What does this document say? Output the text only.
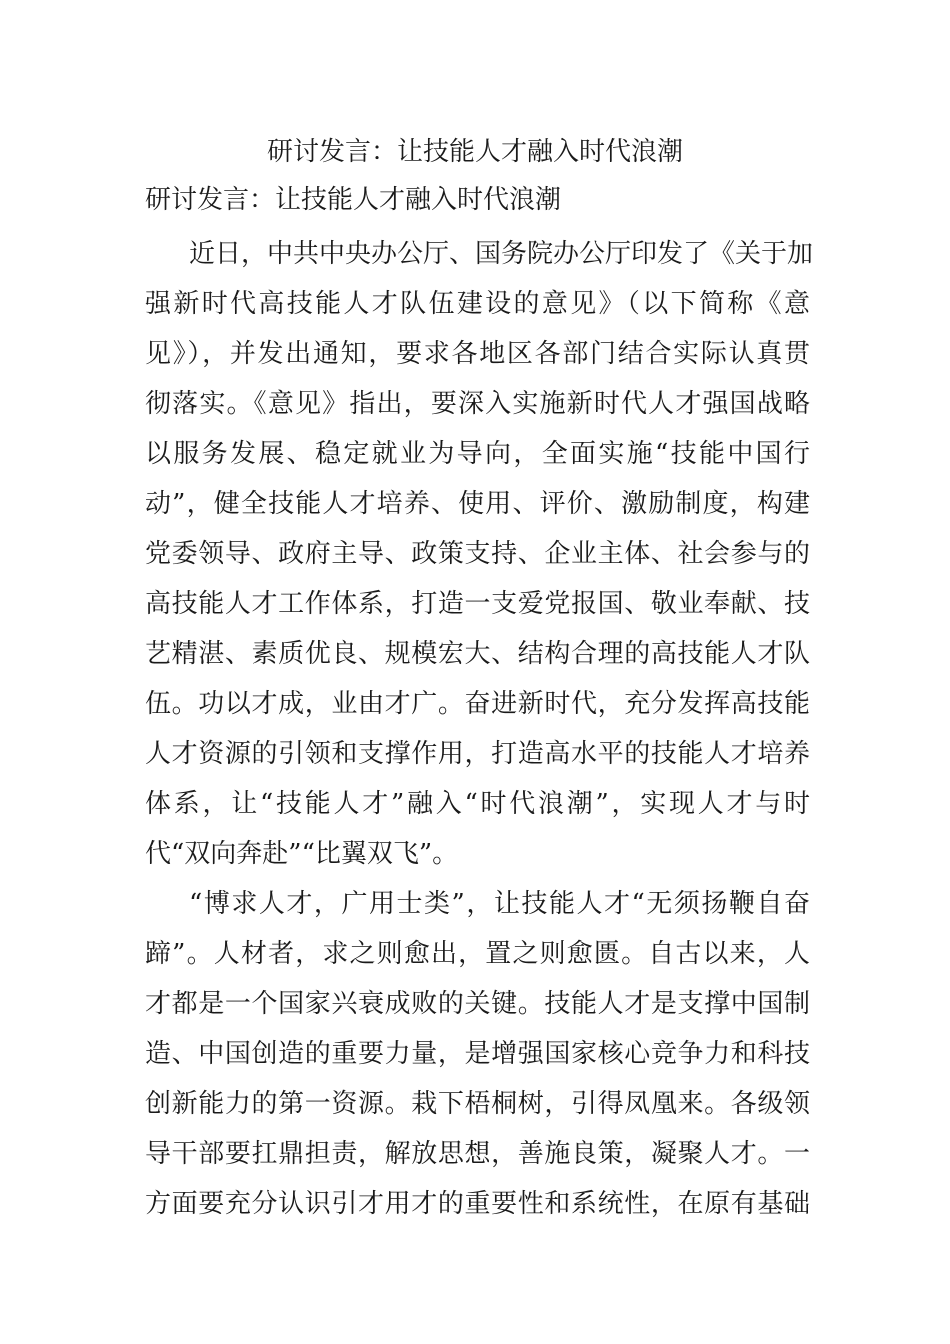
研讨发言：让技能人才融入时代浪潮
研讨发言：让技能人才融入时代浪潮
近日，中共中央办公厅、国务院办公厅印发了《关于加
强新时代高技能人才队伍建设的意见》（以下简称《意
见》），并发出通知，要求各地区各部门结合实际认真贯
彻落实。《意见》指出，要深入实施新时代人才强国战略
以服务发展、稳定就业为导向，全面实施“技能中国行
动”，健全技能人才培养、使用、评价、激励制度，构建
党委领导、政府主导、政策支持、企业主体、社会参与的
高技能人才工作体系，打造一支爱党报国、敬业奉献、技
艺精湛、素质优良、规模宏大、结构合理的高技能人才队
伍。功以才成，业由才广。奋进新时代，充分发挥高技能
人才资源的引领和支撑作用，打造高水平的技能人才培养
体系，让“技能人才”融入“时代浪潮”，实现人才与时
代“双向奔赴”“比翼双飞”。
“博求人才，广用士类”，让技能人才“无须扬鞭自奋
蹄”。人材者，求之则愈出，置之则愈匮。自古以来，人
才都是一个国家兴衰成败的关键。技能人才是支撑中国制
造、中国创造的重要力量，是增强国家核心竞争力和科技
创新能力的第一资源。栽下梧桐树，引得凤凰来。各级领
导干部要扛鼎担责，解放思想，善施良策，凝聚人才。一
方面要充分认识引才用才的重要性和系统性，在原有基础
